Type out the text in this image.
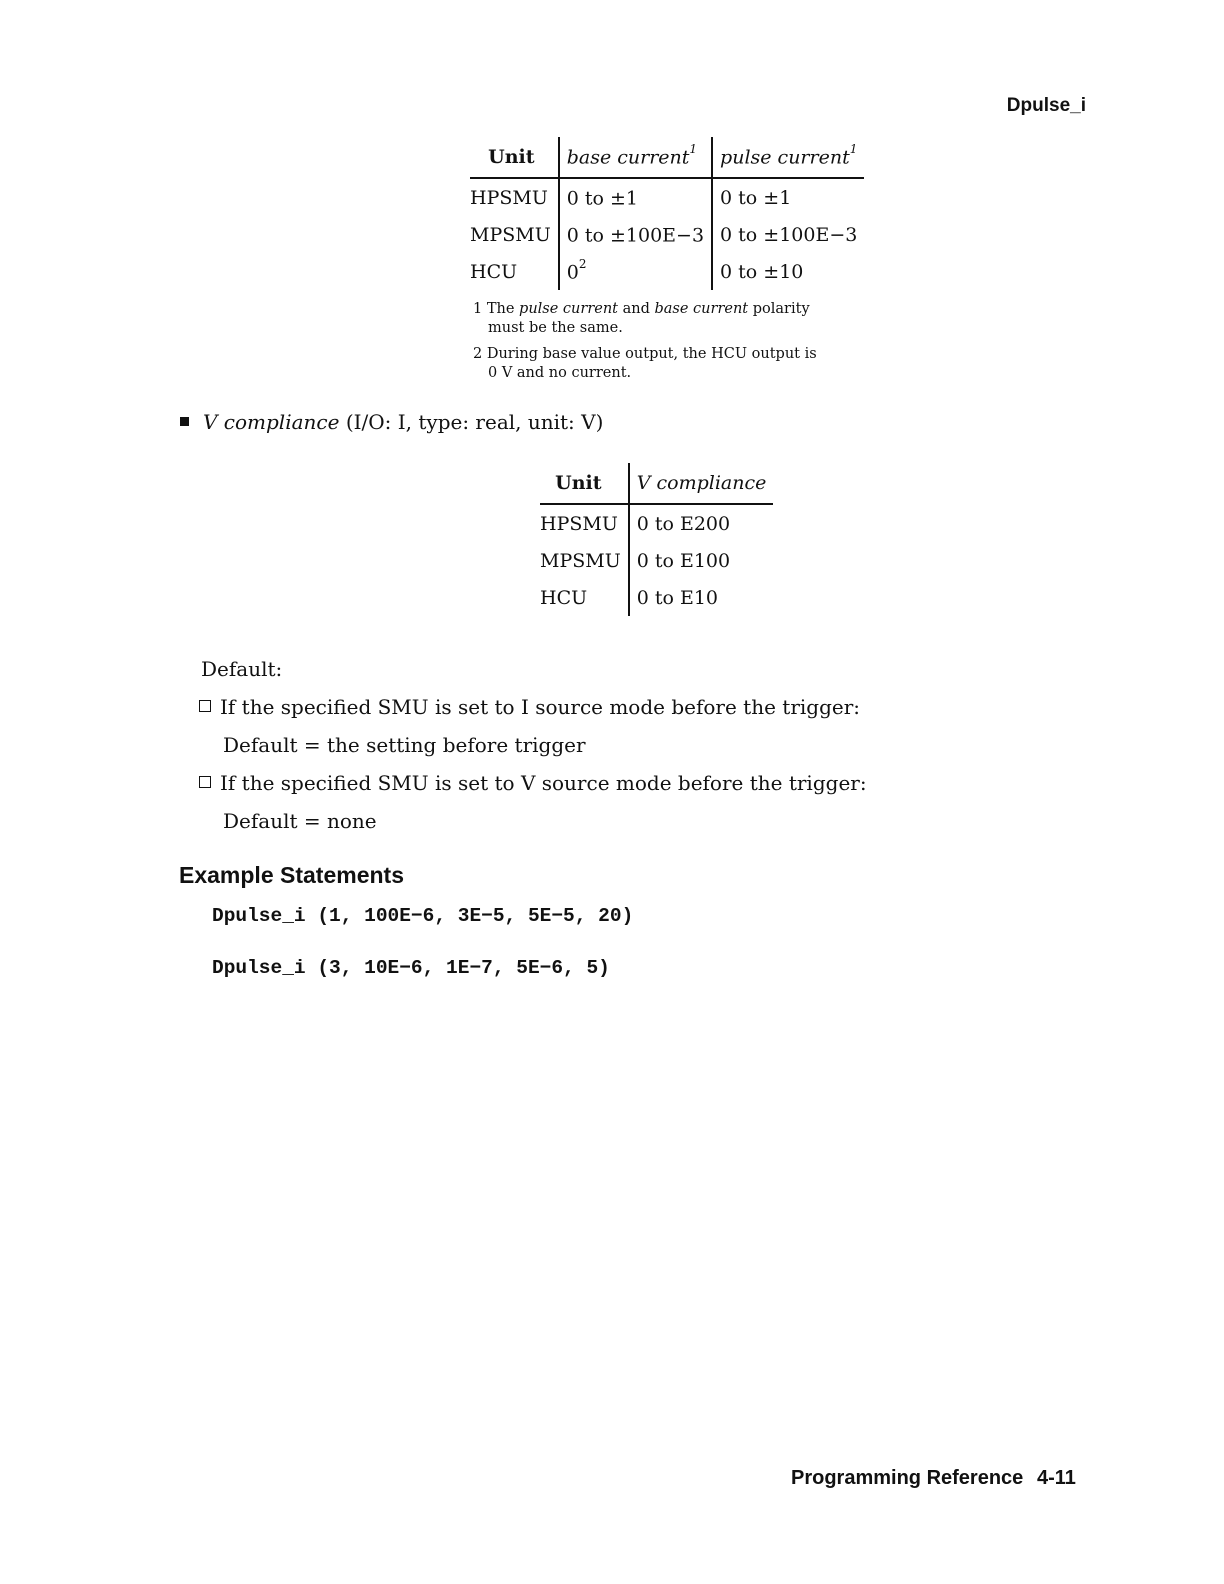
Dpulse_i
Unit	base current$^1$	pulse current$^1$
HPSMU	0 to ±1	0 to ±1
MPSMU	0 to ±100E−3	0 to ±100E−3
HCU	$0^2$	0 to ±10
1 The pulse current and base current polarity must be the same.
2 During base value output, the HCU output is 0 V and no current.
V compliance (I/O: I, type: real, unit: V)
Unit	V compliance
HPSMU	0 to E200
MPSMU	0 to E100
HCU	0 to E10
Default:
If the specified SMU is set to I source mode before the trigger:
Default = the setting before trigger
If the specified SMU is set to V source mode before the trigger:
Default = none
Example Statements
Dpulse_i (1, 100E−6, 3E−5, 5E−5, 20)
Dpulse_i (3, 10E−6, 1E−7, 5E−6, 5)
Programming Reference 4-11
